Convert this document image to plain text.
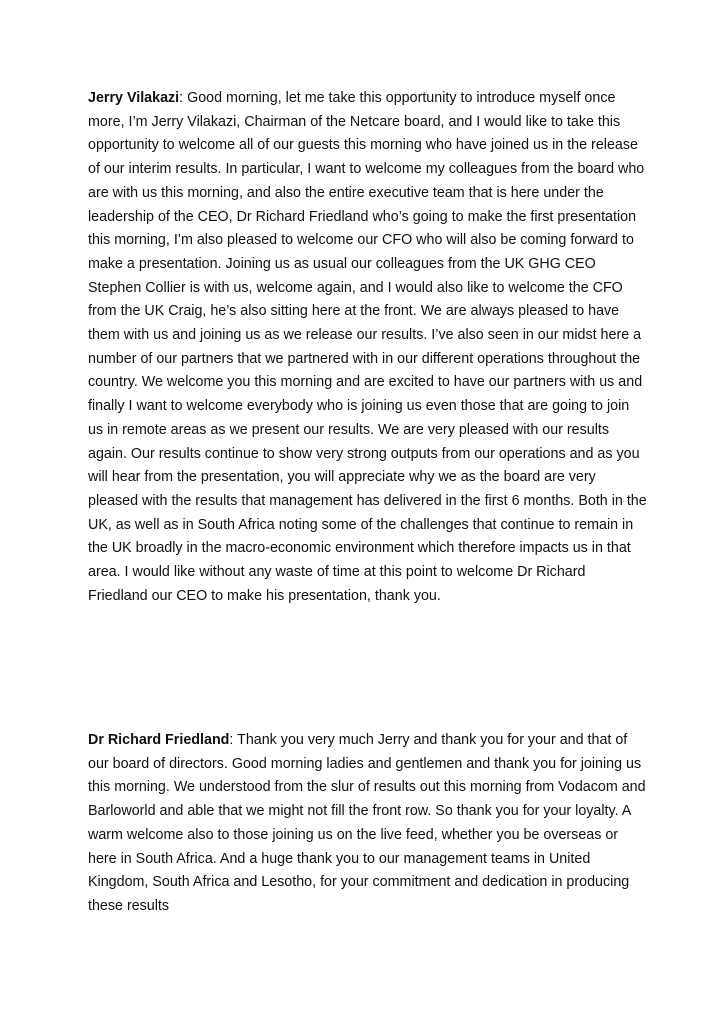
Jerry Vilakazi: Good morning, let me take this opportunity to introduce myself once more, I’m Jerry Vilakazi, Chairman of the Netcare board, and I would like to take this opportunity to welcome all of our guests this morning who have joined us in the release of our interim results. In particular, I want to welcome my colleagues from the board who are with us this morning, and also the entire executive team that is here under the leadership of the CEO, Dr Richard Friedland who’s going to make the first presentation this morning, I’m also pleased to welcome our CFO who will also be coming forward to make a presentation. Joining us as usual our colleagues from the UK GHG CEO Stephen Collier is with us, welcome again, and I would also like to welcome the CFO from the UK Craig, he’s also sitting here at the front. We are always pleased to have them with us and joining us as we release our results. I’ve also seen in our midst here a number of our partners that we partnered with in our different operations throughout the country. We welcome you this morning and are excited to have our partners with us and finally I want to welcome everybody who is joining us even those that are going to join us in remote areas as we present our results. We are very pleased with our results again. Our results continue to show very strong outputs from our operations and as you will hear from the presentation, you will appreciate why we as the board are very pleased with the results that management has delivered in the first 6 months. Both in the UK, as well as in South Africa noting some of the challenges that continue to remain in the UK broadly in the macro-economic environment which therefore impacts us in that area. I would like without any waste of time at this point to welcome Dr Richard Friedland our CEO to make his presentation, thank you.

Dr Richard Friedland: Thank you very much Jerry and thank you for your and that of our board of directors. Good morning ladies and gentlemen and thank you for joining us this morning. We understood from the slur of results out this morning from Vodacom and Barloworld and able that we might not fill the front row. So thank you for your loyalty. A warm welcome also to those joining us on the live feed, whether you be overseas or here in South Africa. And a huge thank you to our management teams in United Kingdom, South Africa and Lesotho, for your commitment and dedication in producing these results
